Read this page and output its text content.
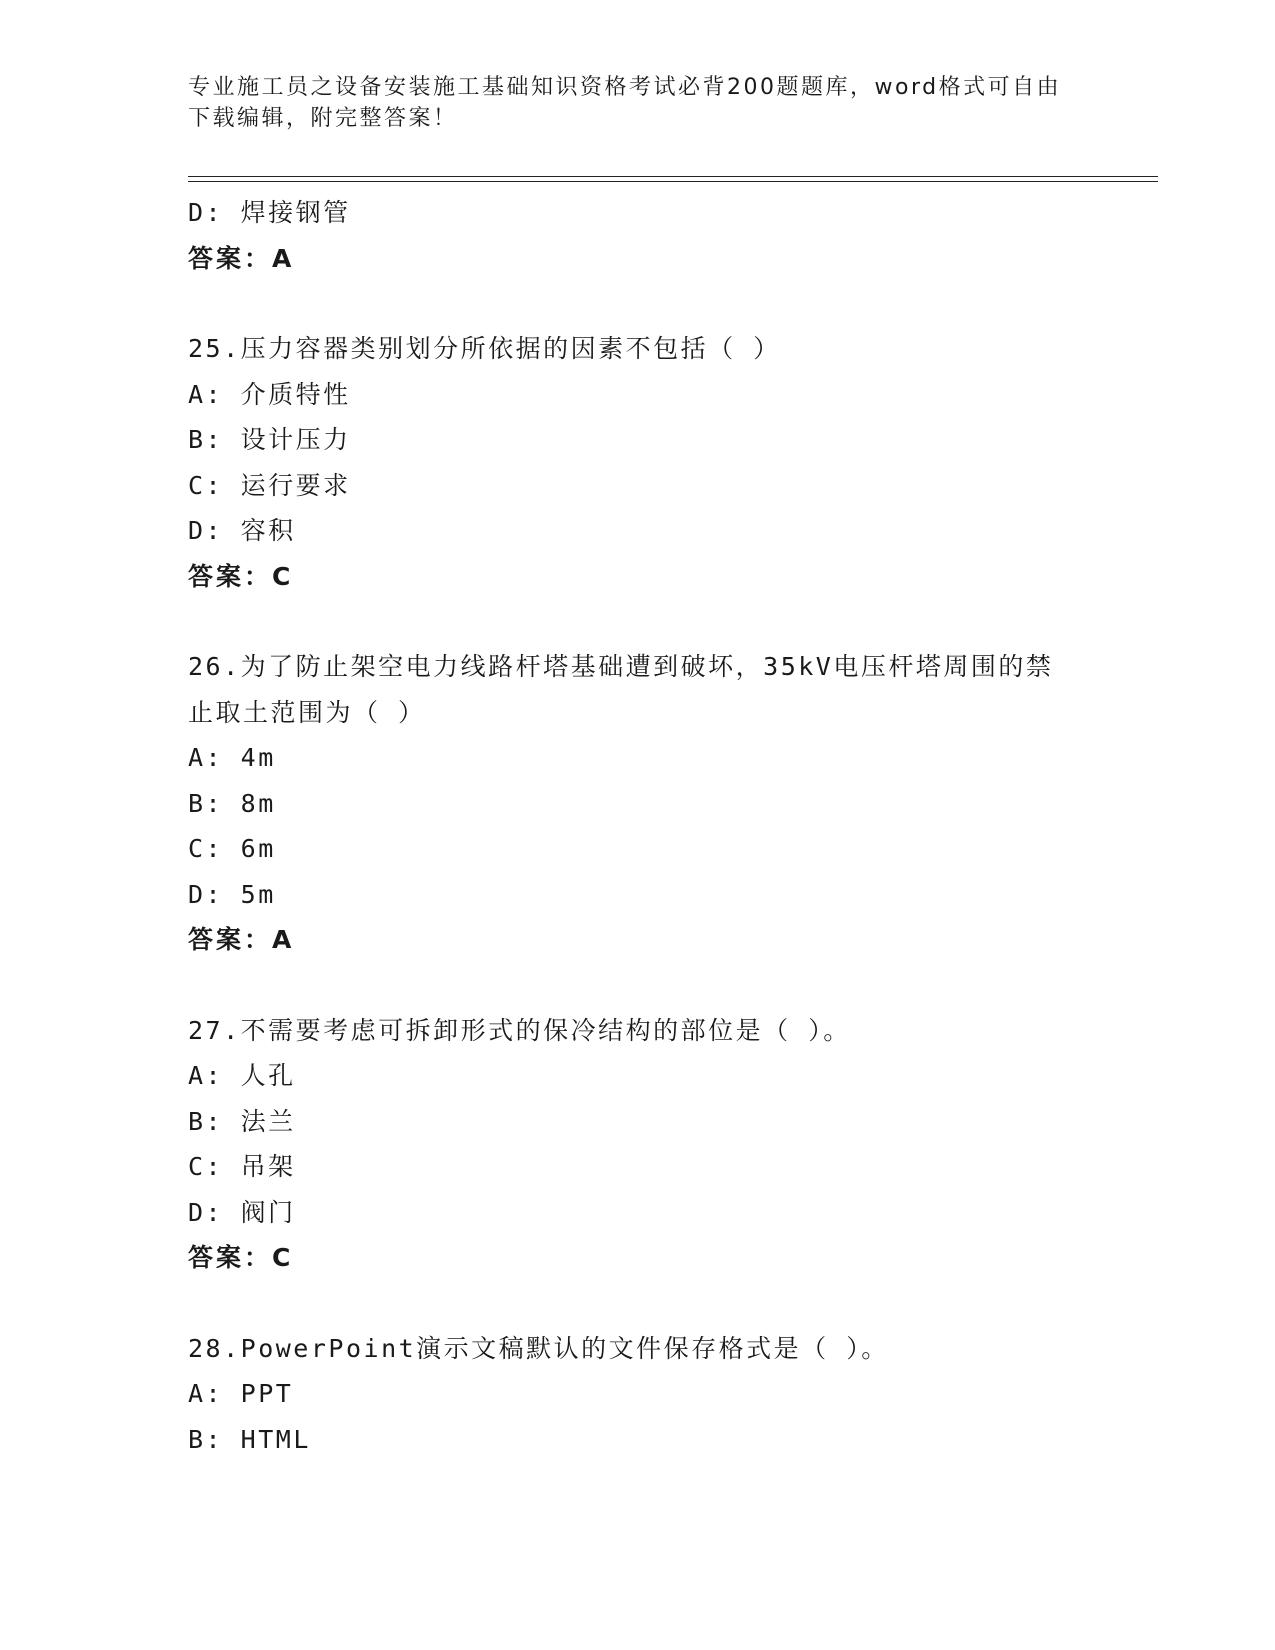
专业施工员之设备安装施工基础知识资格考试必背200题题库，word格式可自由
下载编辑，附完整答案！
D: 焊接钢管
答案：A
25.压力容器类别划分所依据的因素不包括（ ）
A: 介质特性
B: 设计压力
C: 运行要求
D: 容积
答案：C
26.为了防止架空电力线路杆塔基础遭到破坏，35kV电压杆塔周围的禁
止取土范围为（ ）
A: 4m
B: 8m
C: 6m
D: 5m
答案：A
27.不需要考虑可拆卸形式的保冷结构的部位是（ ）。
A: 人孔
B: 法兰
C: 吊架
D: 阀门
答案：C
28.PowerPoint演示文稿默认的文件保存格式是（ ）。
A: PPT
B: HTML
